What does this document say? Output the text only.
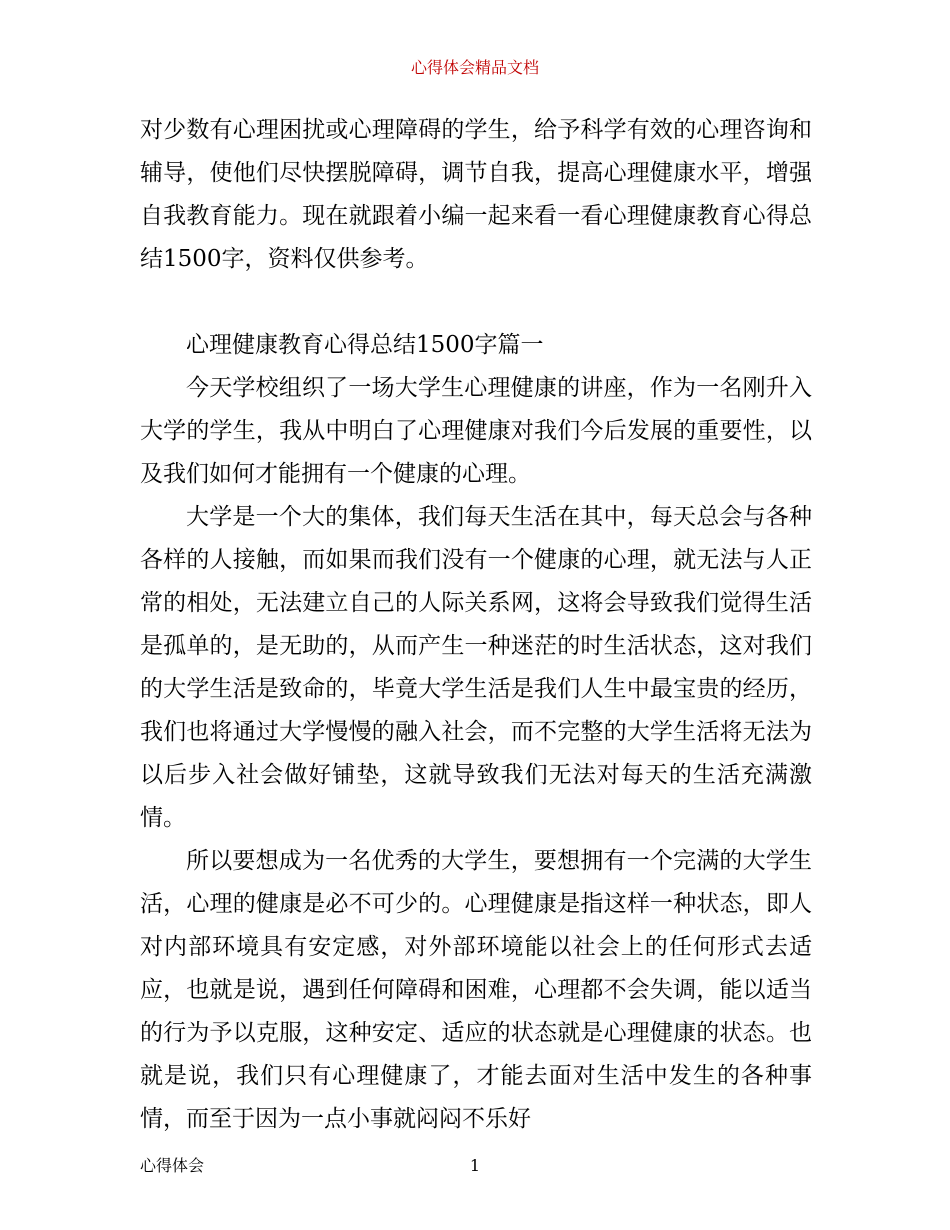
心得体会精品文档

对少数有心理困扰或心理障碍的学生，给予科学有效的心理咨询和辅导，使他们尽快摆脱障碍，调节自我，提高心理健康水平，增强自我教育能力。现在就跟着小编一起来看一看心理健康教育心得总结1500字，资料仅供参考。

心理健康教育心得总结1500字篇一

今天学校组织了一场大学生心理健康的讲座，作为一名刚升入大学的学生，我从中明白了心理健康对我们今后发展的重要性，以及我们如何才能拥有一个健康的心理。

大学是一个大的集体，我们每天生活在其中，每天总会与各种各样的人接触，而如果而我们没有一个健康的心理，就无法与人正常的相处，无法建立自己的人际关系网，这将会导致我们觉得生活是孤单的，是无助的，从而产生一种迷茫的时生活状态，这对我们的大学生活是致命的，毕竟大学生活是我们人生中最宝贵的经历，我们也将通过大学慢慢的融入社会，而不完整的大学生活将无法为以后步入社会做好铺垫，这就导致我们无法对每天的生活充满激情。

所以要想成为一名优秀的大学生，要想拥有一个完满的大学生活，心理的健康是必不可少的。心理健康是指这样一种状态，即人对内部环境具有安定感，对外部环境能以社会上的任何形式去适应，也就是说，遇到任何障碍和困难，心理都不会失调，能以适当的行为予以克服，这种安定、适应的状态就是心理健康的状态。也就是说，我们只有心理健康了，才能去面对生活中发生的各种事情，而至于因为一点小事就闷闷不乐好

心得体会	1
